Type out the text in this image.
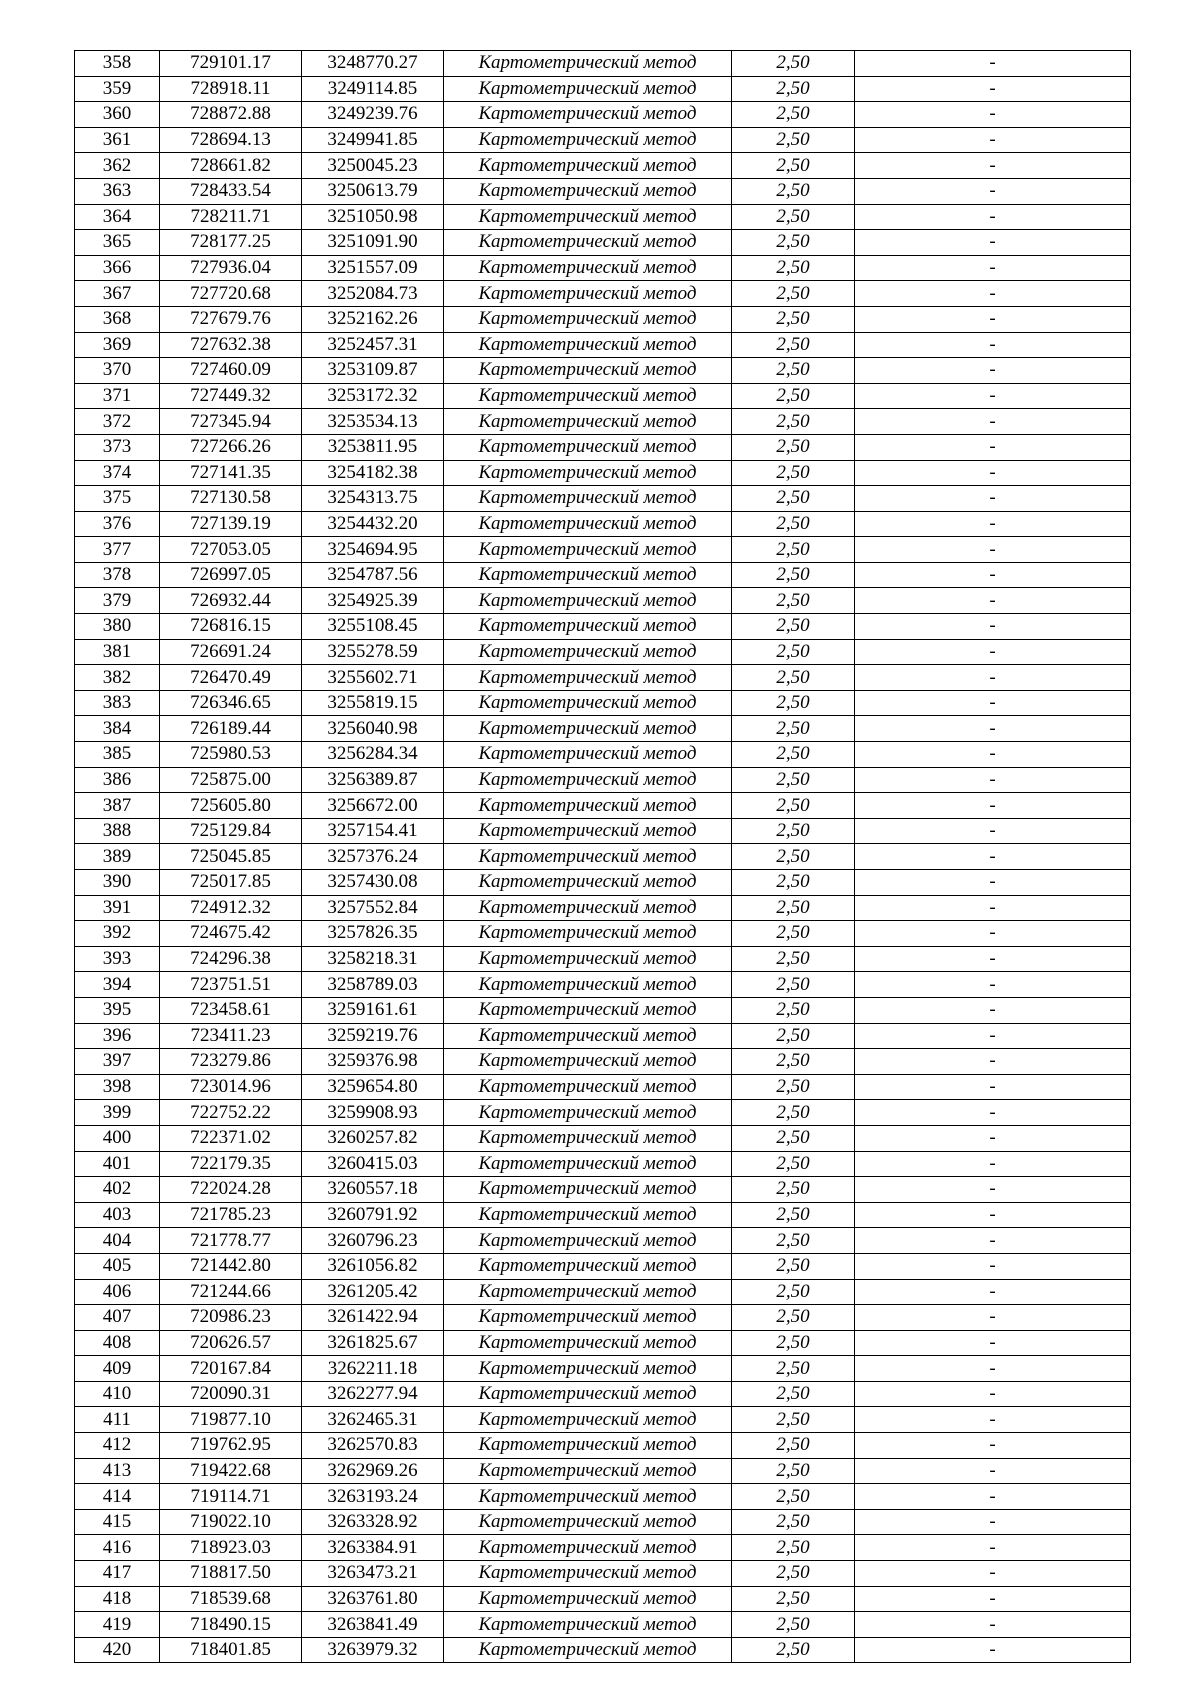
358	729101.17	3248770.27	Картометрический метод	2,50	-
359	728918.11	3249114.85	Картометрический метод	2,50	-
360	728872.88	3249239.76	Картометрический метод	2,50	-
361	728694.13	3249941.85	Картометрический метод	2,50	-
362	728661.82	3250045.23	Картометрический метод	2,50	-
363	728433.54	3250613.79	Картометрический метод	2,50	-
364	728211.71	3251050.98	Картометрический метод	2,50	-
365	728177.25	3251091.90	Картометрический метод	2,50	-
366	727936.04	3251557.09	Картометрический метод	2,50	-
367	727720.68	3252084.73	Картометрический метод	2,50	-
368	727679.76	3252162.26	Картометрический метод	2,50	-
369	727632.38	3252457.31	Картометрический метод	2,50	-
370	727460.09	3253109.87	Картометрический метод	2,50	-
371	727449.32	3253172.32	Картометрический метод	2,50	-
372	727345.94	3253534.13	Картометрический метод	2,50	-
373	727266.26	3253811.95	Картометрический метод	2,50	-
374	727141.35	3254182.38	Картометрический метод	2,50	-
375	727130.58	3254313.75	Картометрический метод	2,50	-
376	727139.19	3254432.20	Картометрический метод	2,50	-
377	727053.05	3254694.95	Картометрический метод	2,50	-
378	726997.05	3254787.56	Картометрический метод	2,50	-
379	726932.44	3254925.39	Картометрический метод	2,50	-
380	726816.15	3255108.45	Картометрический метод	2,50	-
381	726691.24	3255278.59	Картометрический метод	2,50	-
382	726470.49	3255602.71	Картометрический метод	2,50	-
383	726346.65	3255819.15	Картометрический метод	2,50	-
384	726189.44	3256040.98	Картометрический метод	2,50	-
385	725980.53	3256284.34	Картометрический метод	2,50	-
386	725875.00	3256389.87	Картометрический метод	2,50	-
387	725605.80	3256672.00	Картометрический метод	2,50	-
388	725129.84	3257154.41	Картометрический метод	2,50	-
389	725045.85	3257376.24	Картометрический метод	2,50	-
390	725017.85	3257430.08	Картометрический метод	2,50	-
391	724912.32	3257552.84	Картометрический метод	2,50	-
392	724675.42	3257826.35	Картометрический метод	2,50	-
393	724296.38	3258218.31	Картометрический метод	2,50	-
394	723751.51	3258789.03	Картометрический метод	2,50	-
395	723458.61	3259161.61	Картометрический метод	2,50	-
396	723411.23	3259219.76	Картометрический метод	2,50	-
397	723279.86	3259376.98	Картометрический метод	2,50	-
398	723014.96	3259654.80	Картометрический метод	2,50	-
399	722752.22	3259908.93	Картометрический метод	2,50	-
400	722371.02	3260257.82	Картометрический метод	2,50	-
401	722179.35	3260415.03	Картометрический метод	2,50	-
402	722024.28	3260557.18	Картометрический метод	2,50	-
403	721785.23	3260791.92	Картометрический метод	2,50	-
404	721778.77	3260796.23	Картометрический метод	2,50	-
405	721442.80	3261056.82	Картометрический метод	2,50	-
406	721244.66	3261205.42	Картометрический метод	2,50	-
407	720986.23	3261422.94	Картометрический метод	2,50	-
408	720626.57	3261825.67	Картометрический метод	2,50	-
409	720167.84	3262211.18	Картометрический метод	2,50	-
410	720090.31	3262277.94	Картометрический метод	2,50	-
411	719877.10	3262465.31	Картометрический метод	2,50	-
412	719762.95	3262570.83	Картометрический метод	2,50	-
413	719422.68	3262969.26	Картометрический метод	2,50	-
414	719114.71	3263193.24	Картометрический метод	2,50	-
415	719022.10	3263328.92	Картометрический метод	2,50	-
416	718923.03	3263384.91	Картометрический метод	2,50	-
417	718817.50	3263473.21	Картометрический метод	2,50	-
418	718539.68	3263761.80	Картометрический метод	2,50	-
419	718490.15	3263841.49	Картометрический метод	2,50	-
420	718401.85	3263979.32	Картометрический метод	2,50	-
